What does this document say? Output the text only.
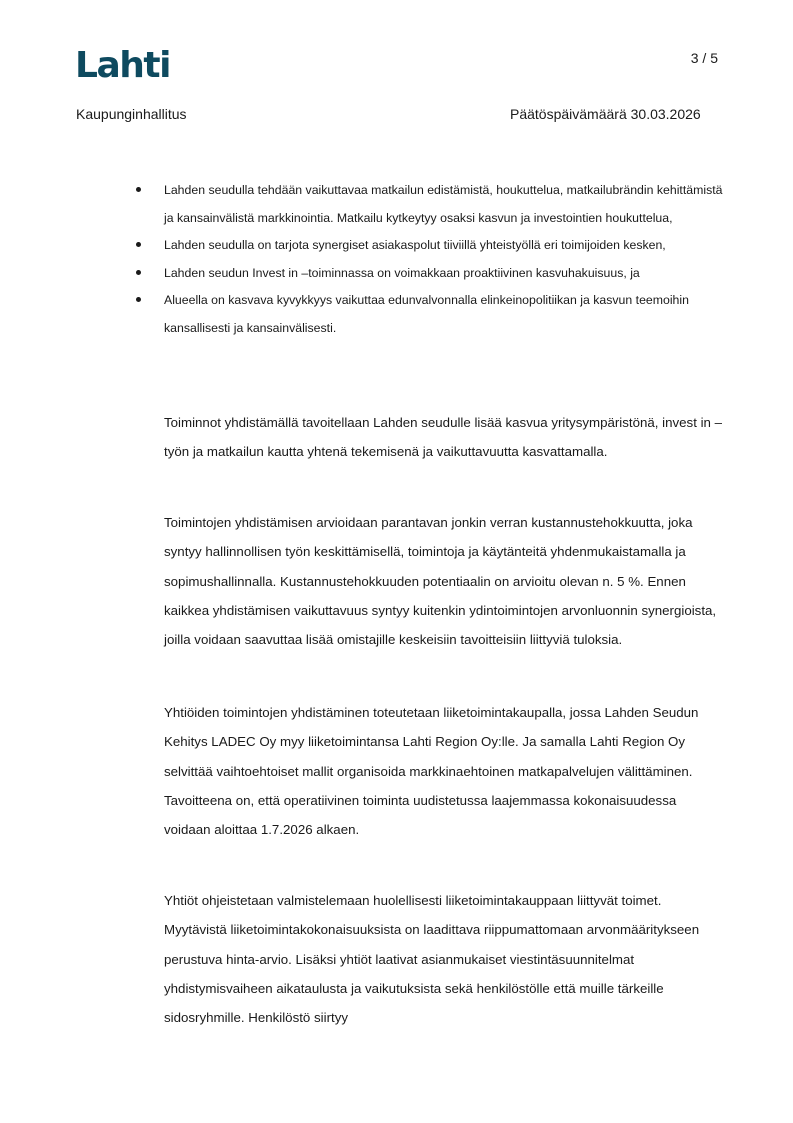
Lahti	3 / 5
Kaupunginhallitus	Päätöspäivämäärä 30.03.2026
Lahden seudulla tehdään vaikuttavaa matkailun edistämistä, houkuttelua, matkailubrändin kehittämistä ja kansainvälistä markkinointia. Matkailu kytkeytyy osaksi kasvun ja investointien houkuttelua,
Lahden seudulla on tarjota synergiset asiakaspolut tiiviillä yhteistyöllä eri toimijoiden kesken,
Lahden seudun Invest in –toiminnassa on voimakkaan proaktiivinen kasvuhakuisuus, ja
Alueella on kasvava kyvykkyys vaikuttaa edunvalvonnalla elinkeinopolitiikan ja kasvun teemoihin kansallisesti ja kansainvälisesti.

Toiminnot yhdistämällä tavoitellaan Lahden seudulle lisää kasvua yritysympäristönä, invest in –työn ja matkailun kautta yhtenä tekemisenä ja vaikuttavuutta kasvattamalla.

Toimintojen yhdistämisen arvioidaan parantavan jonkin verran kustannustehokkuutta, joka syntyy hallinnollisen työn keskittämisellä, toimintoja ja käytänteitä yhdenmukaistamalla ja sopimushallinnalla. Kustannustehokkuuden potentiaalin on arvioitu olevan n. 5 %. Ennen kaikkea yhdistämisen vaikuttavuus syntyy kuitenkin ydintoimintojen arvonluonnin synergioista, joilla voidaan saavuttaa lisää omistajille keskeisiin tavoitteisiin liittyviä tuloksia.

Yhtiöiden toimintojen yhdistäminen toteutetaan liiketoimintakaupalla, jossa Lahden Seudun Kehitys LADEC Oy myy liiketoimintansa Lahti Region Oy:lle. Ja samalla Lahti Region Oy selvittää vaihtoehtoiset mallit organisoida markkinaehtoinen matkapalvelujen välittäminen. Tavoitteena on, että operatiivinen toiminta uudistetussa laajemmassa kokonaisuudessa voidaan aloittaa 1.7.2026 alkaen.

Yhtiöt ohjeistetaan valmistelemaan huolellisesti liiketoimintakauppaan liittyvät toimet. Myytävistä liiketoimintakokonaisuuksista on laadittava riippumattomaan arvonmääritykseen perustuva hinta-arvio. Lisäksi yhtiöt laativat asianmukaiset viestintäsuunnitelmat yhdistymisvaiheen aikataulusta ja vaikutuksista sekä henkilöstölle että muille tärkeille sidosryhmille. Henkilöstö siirtyy
